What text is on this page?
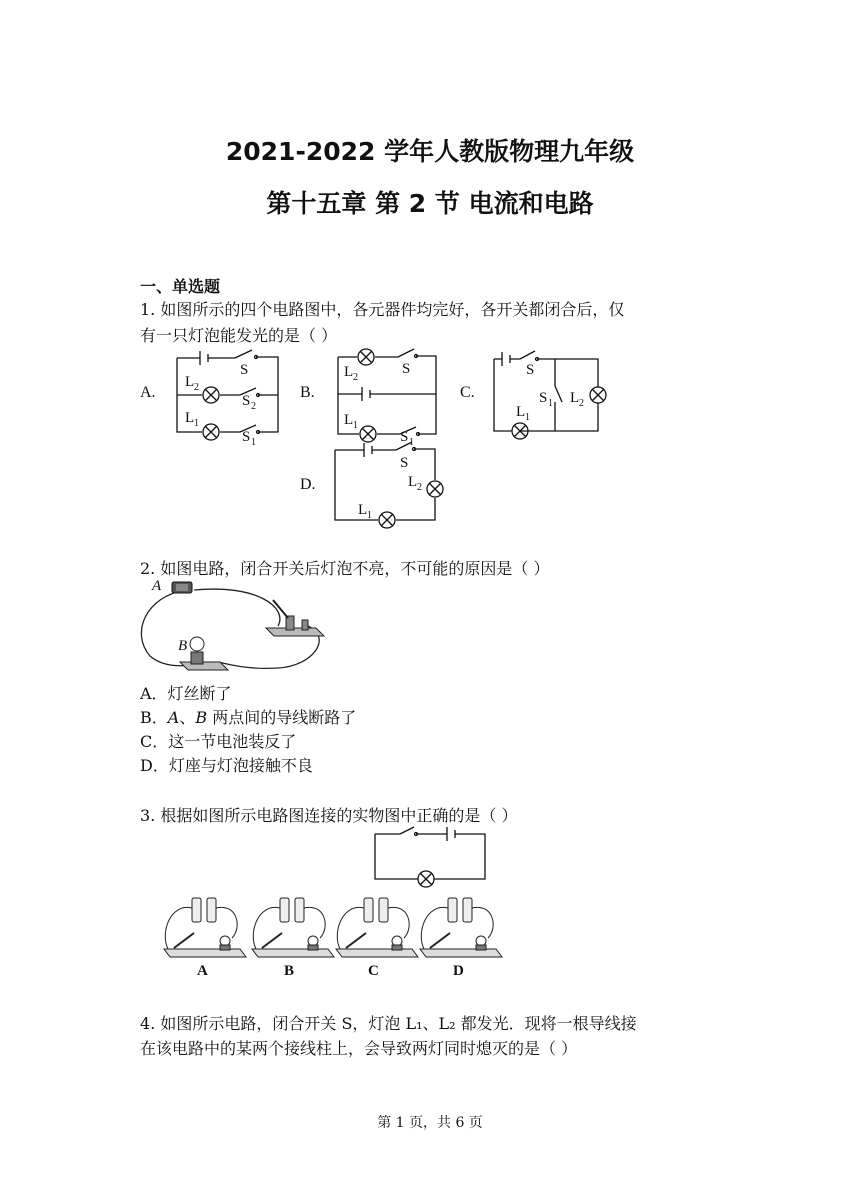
2021-2022 学年人教版物理九年级
第十五章 第 2 节 电流和电路
一、单选题
1. 如图所示的四个电路图中，各元器件均完好，各开关都闭合后，仅
有一只灯泡能发光的是（ ）
A.	B.	C.
D.
S
L 2
S 2
L 1
S 1
S
L 2
L 1
S 1
S
S 1 L 2
L 1
S
L 2
L 1
2. 如图电路，闭合开关后灯泡不亮，不可能的原因是（ ）
A
B
A．灯丝断了
B．A、B 两点间的导线断路了
C．这一节电池装反了
D．灯座与灯泡接触不良
3. 根据如图所示电路图连接的实物图中正确的是（ ）
A	B	C	D
4. 如图所示电路，闭合开关 S，灯泡 L₁、L₂ 都发光．现将一根导线接
在该电路中的某两个接线柱上，会导致两灯同时熄灭的是（ ）
第 1 页，共 6 页
